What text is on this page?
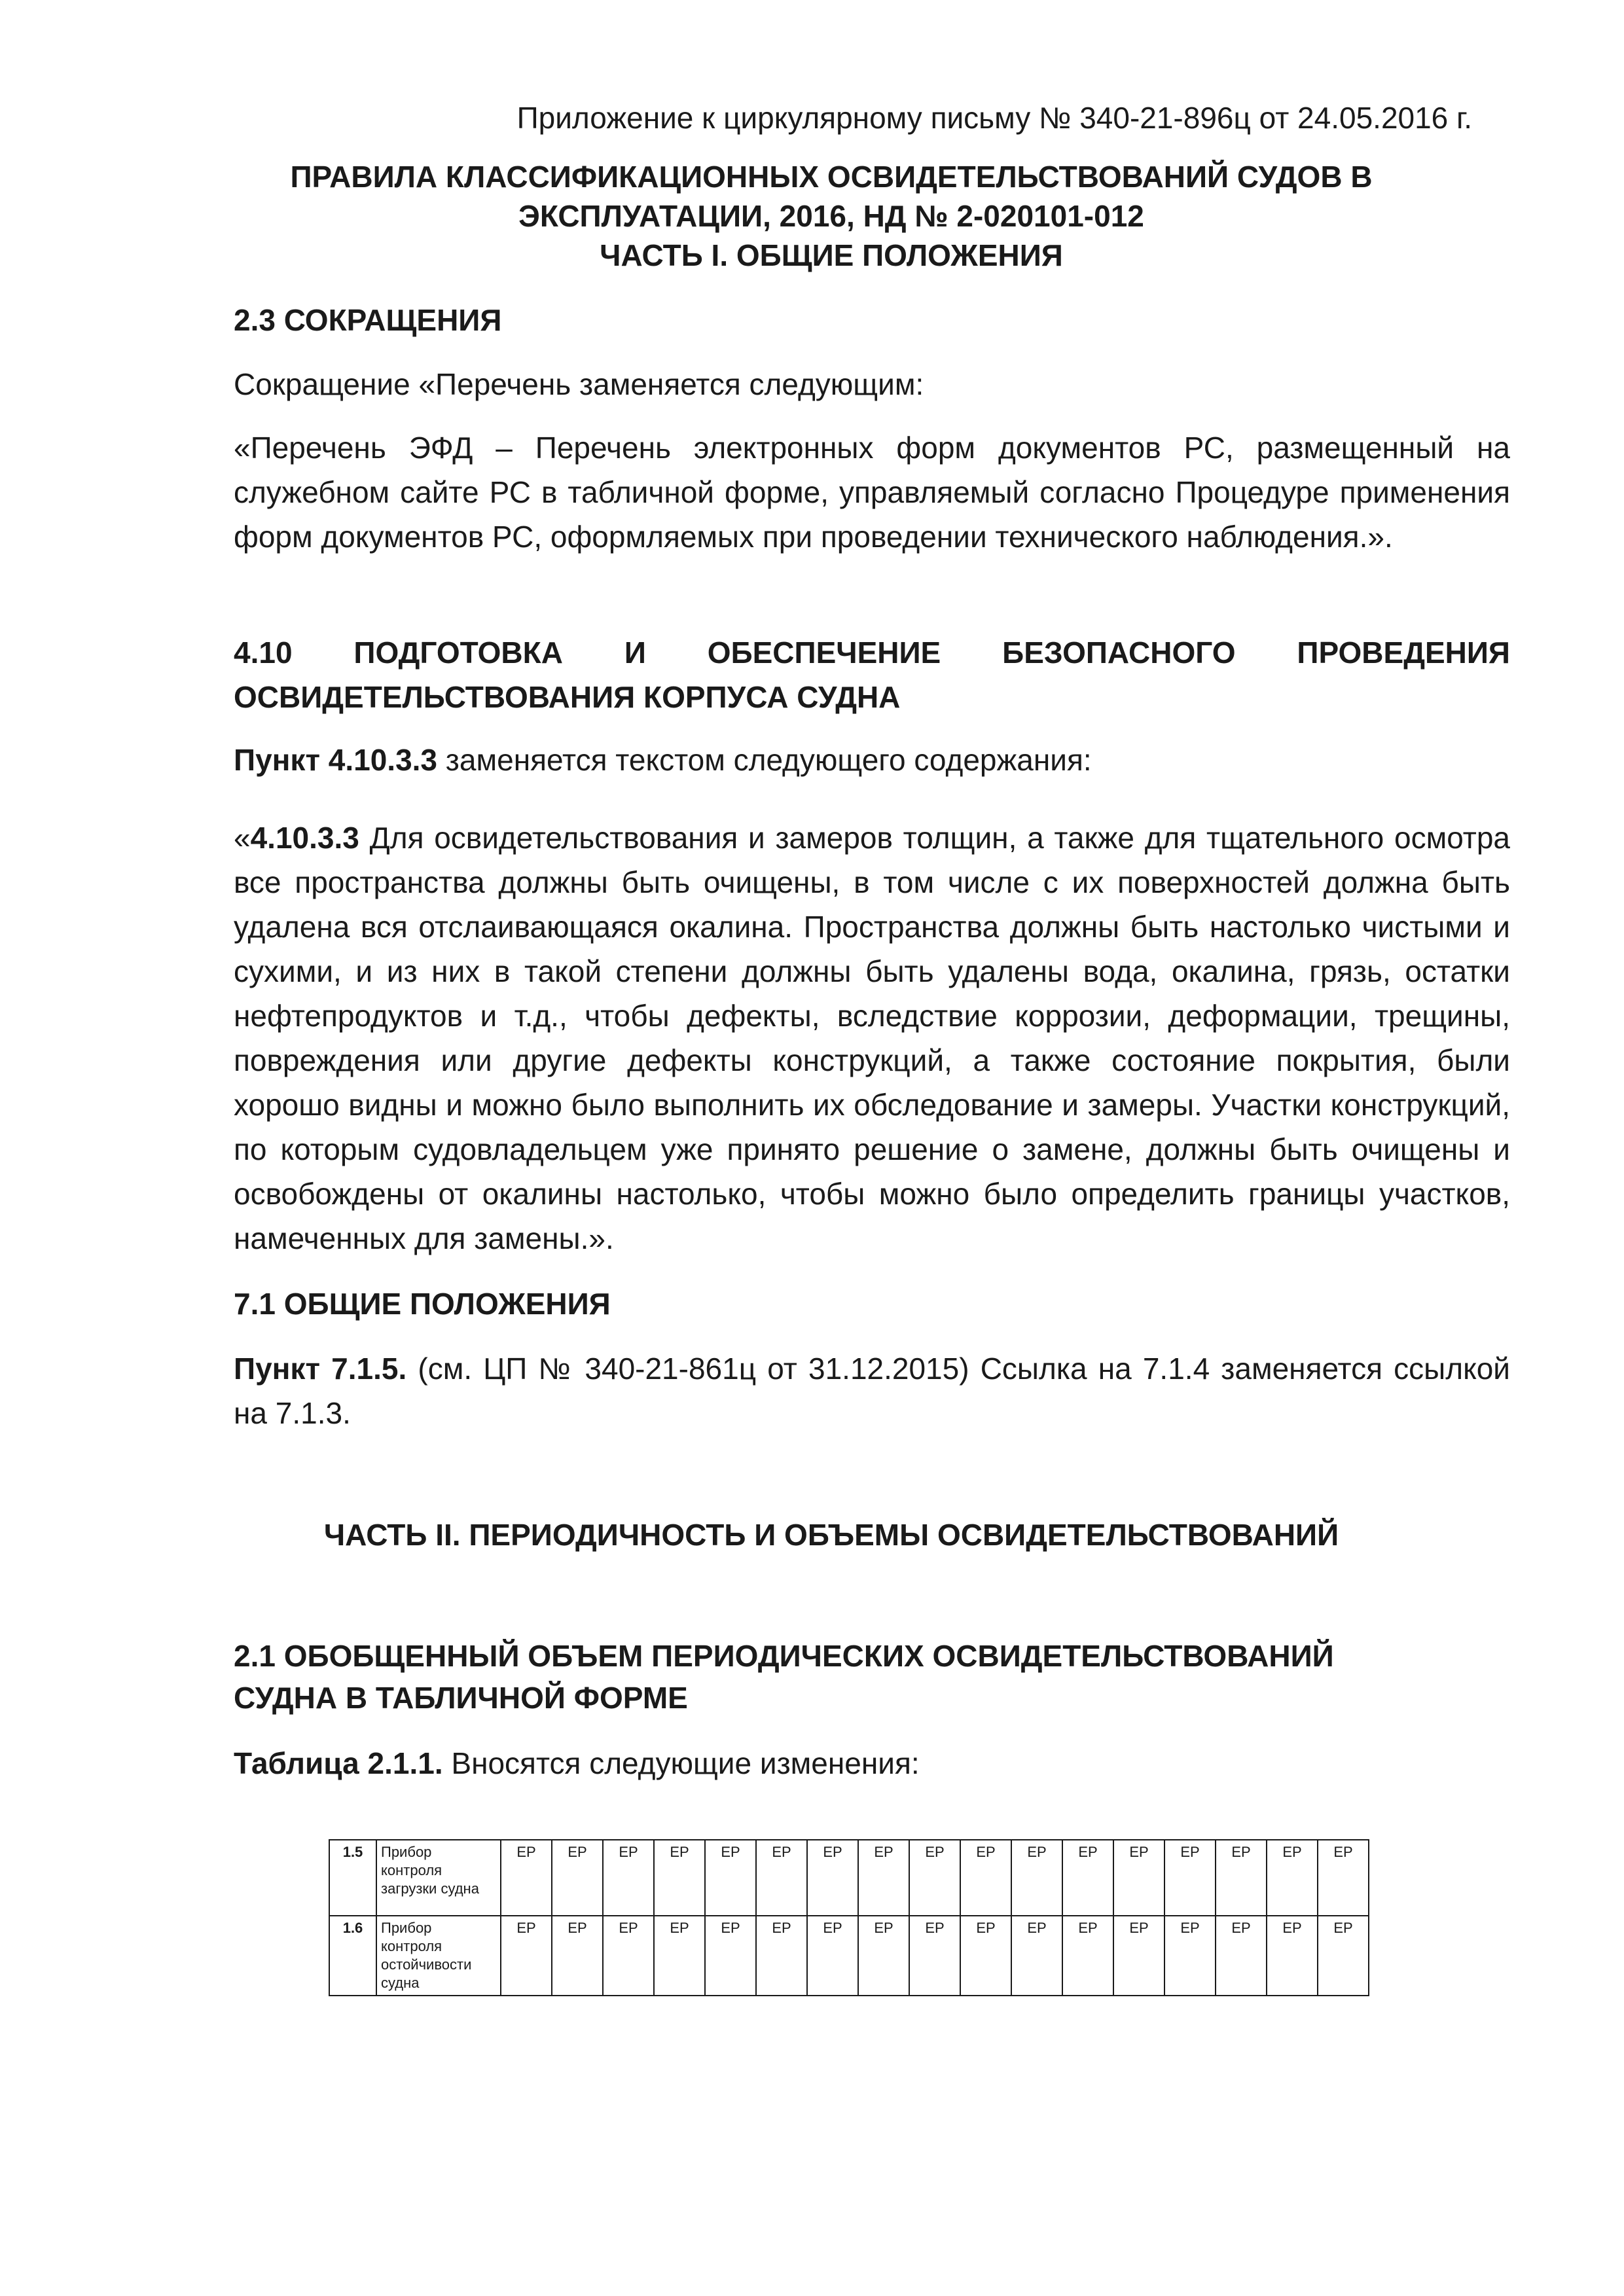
Приложение к циркулярному письму № 340-21-896ц от 24.05.2016 г.
ПРАВИЛА КЛАССИФИКАЦИОННЫХ ОСВИДЕТЕЛЬСТВОВАНИЙ СУДОВ В
ЭКСПЛУАТАЦИИ, 2016, НД № 2-020101-012
ЧАСТЬ I. ОБЩИЕ ПОЛОЖЕНИЯ
2.3 СОКРАЩЕНИЯ
Сокращение «Перечень заменяется следующим:
«Перечень ЭФД – Перечень электронных форм документов РС, размещенный на служебном сайте РС в табличной форме, управляемый согласно Процедуре применения форм документов РС, оформляемых при проведении технического наблюдения.».
4.10 ПОДГОТОВКА И ОБЕСПЕЧЕНИЕ БЕЗОПАСНОГО ПРОВЕДЕНИЯ ОСВИДЕТЕЛЬСТВОВАНИЯ КОРПУСА СУДНА
Пункт 4.10.3.3 заменяется текстом следующего содержания:
«4.10.3.3 Для освидетельствования и замеров толщин, а также для тщательного осмотра все пространства должны быть очищены, в том числе с их поверхностей должна быть удалена вся отслаивающаяся окалина. Пространства должны быть настолько чистыми и сухими, и из них в такой степени должны быть удалены вода, окалина, грязь, остатки нефтепродуктов и т.д., чтобы дефекты, вследствие коррозии, деформации, трещины, повреждения или другие дефекты конструкций, а также состояние покрытия, были хорошо видны и можно было выполнить их обследование и замеры. Участки конструкций, по которым судовладельцем уже принято решение о замене, должны быть очищены и освобождены от окалины настолько, чтобы можно было определить границы участков, намеченных для замены.».
7.1 ОБЩИЕ ПОЛОЖЕНИЯ
Пункт 7.1.5. (см. ЦП № 340-21-861ц от 31.12.2015) Ссылка на 7.1.4 заменяется ссылкой на 7.1.3.
ЧАСТЬ II. ПЕРИОДИЧНОСТЬ И ОБЪЕМЫ ОСВИДЕТЕЛЬСТВОВАНИЙ
2.1 ОБОБЩЕННЫЙ ОБЪЕМ ПЕРИОДИЧЕСКИХ ОСВИДЕТЕЛЬСТВОВАНИЙ
СУДНА В ТАБЛИЧНОЙ ФОРМЕ
Таблица 2.1.1. Вносятся следующие изменения:
1.5	Прибор контроля загрузки судна	EP	EP	EP	EP	EP	EP	EP	EP	EP	EP	EP	EP	EP	EP	EP	EP	EP
1.6	Прибор контроля остойчивости судна	EP	EP	EP	EP	EP	EP	EP	EP	EP	EP	EP	EP	EP	EP	EP	EP	EP
